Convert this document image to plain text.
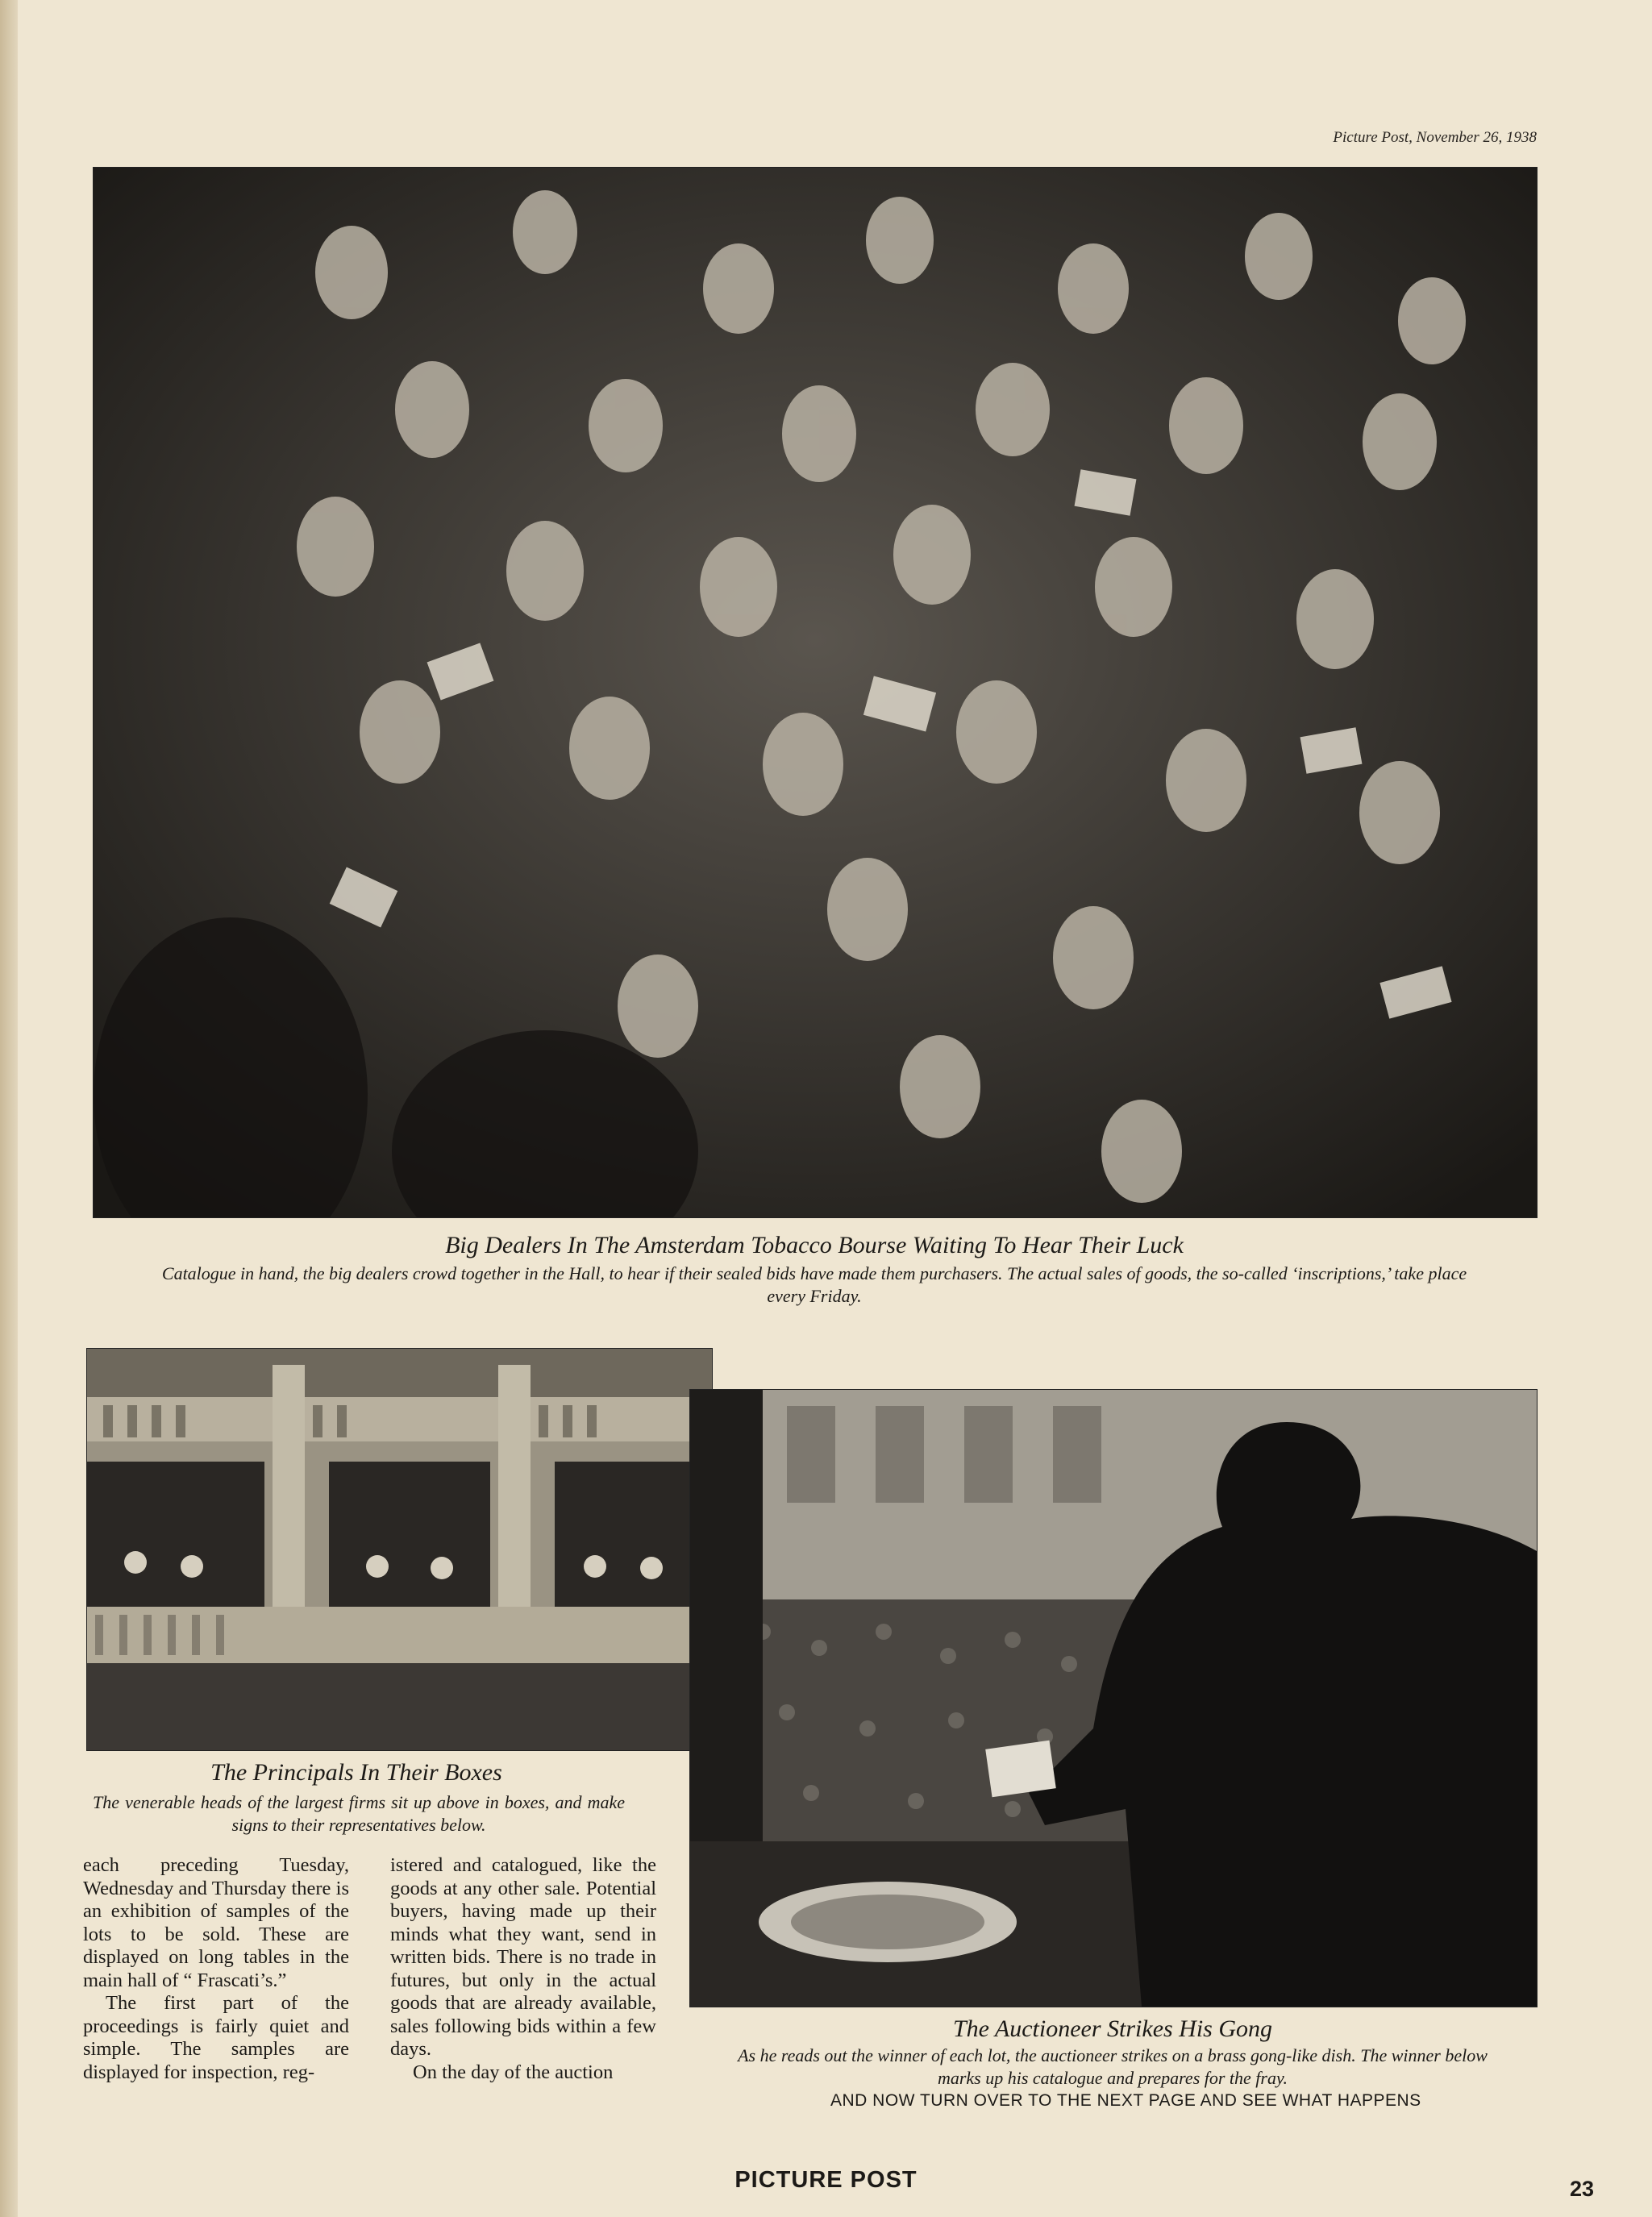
Picture Post, November 26, 1938
Big Dealers In The Amsterdam Tobacco Bourse Waiting To Hear Their Luck
Catalogue in hand, the big dealers crowd together in the Hall, to hear if their sealed bids have made them purchasers. The actual sales of goods, the so-called ‘inscriptions,’ take place every Friday.
The Principals In Their Boxes
The venerable heads of the largest firms sit up above in boxes, and make signs to their representatives below.
The Auctioneer Strikes His Gong
As he reads out the winner of each lot, the auctioneer strikes on a brass gong-like dish. The winner below marks up his catalogue and prepares for the fray.
AND NOW TURN OVER TO THE NEXT PAGE AND SEE WHAT HAPPENS

each preceding Tuesday, Wednesday and Thursday there is an exhibition of samples of the lots to be sold. These are displayed on long tables in the main hall of “ Frascati’s.”

The first part of the proceedings is fairly quiet and simple. The samples are displayed for inspection, reg-

istered and catalogued, like the goods at any other sale. Potential buyers, having made up their minds what they want, send in written bids. There is no trade in futures, but only in the actual goods that are already available, sales following bids within a few days.

On the day of the auction

PICTURE POST	23
